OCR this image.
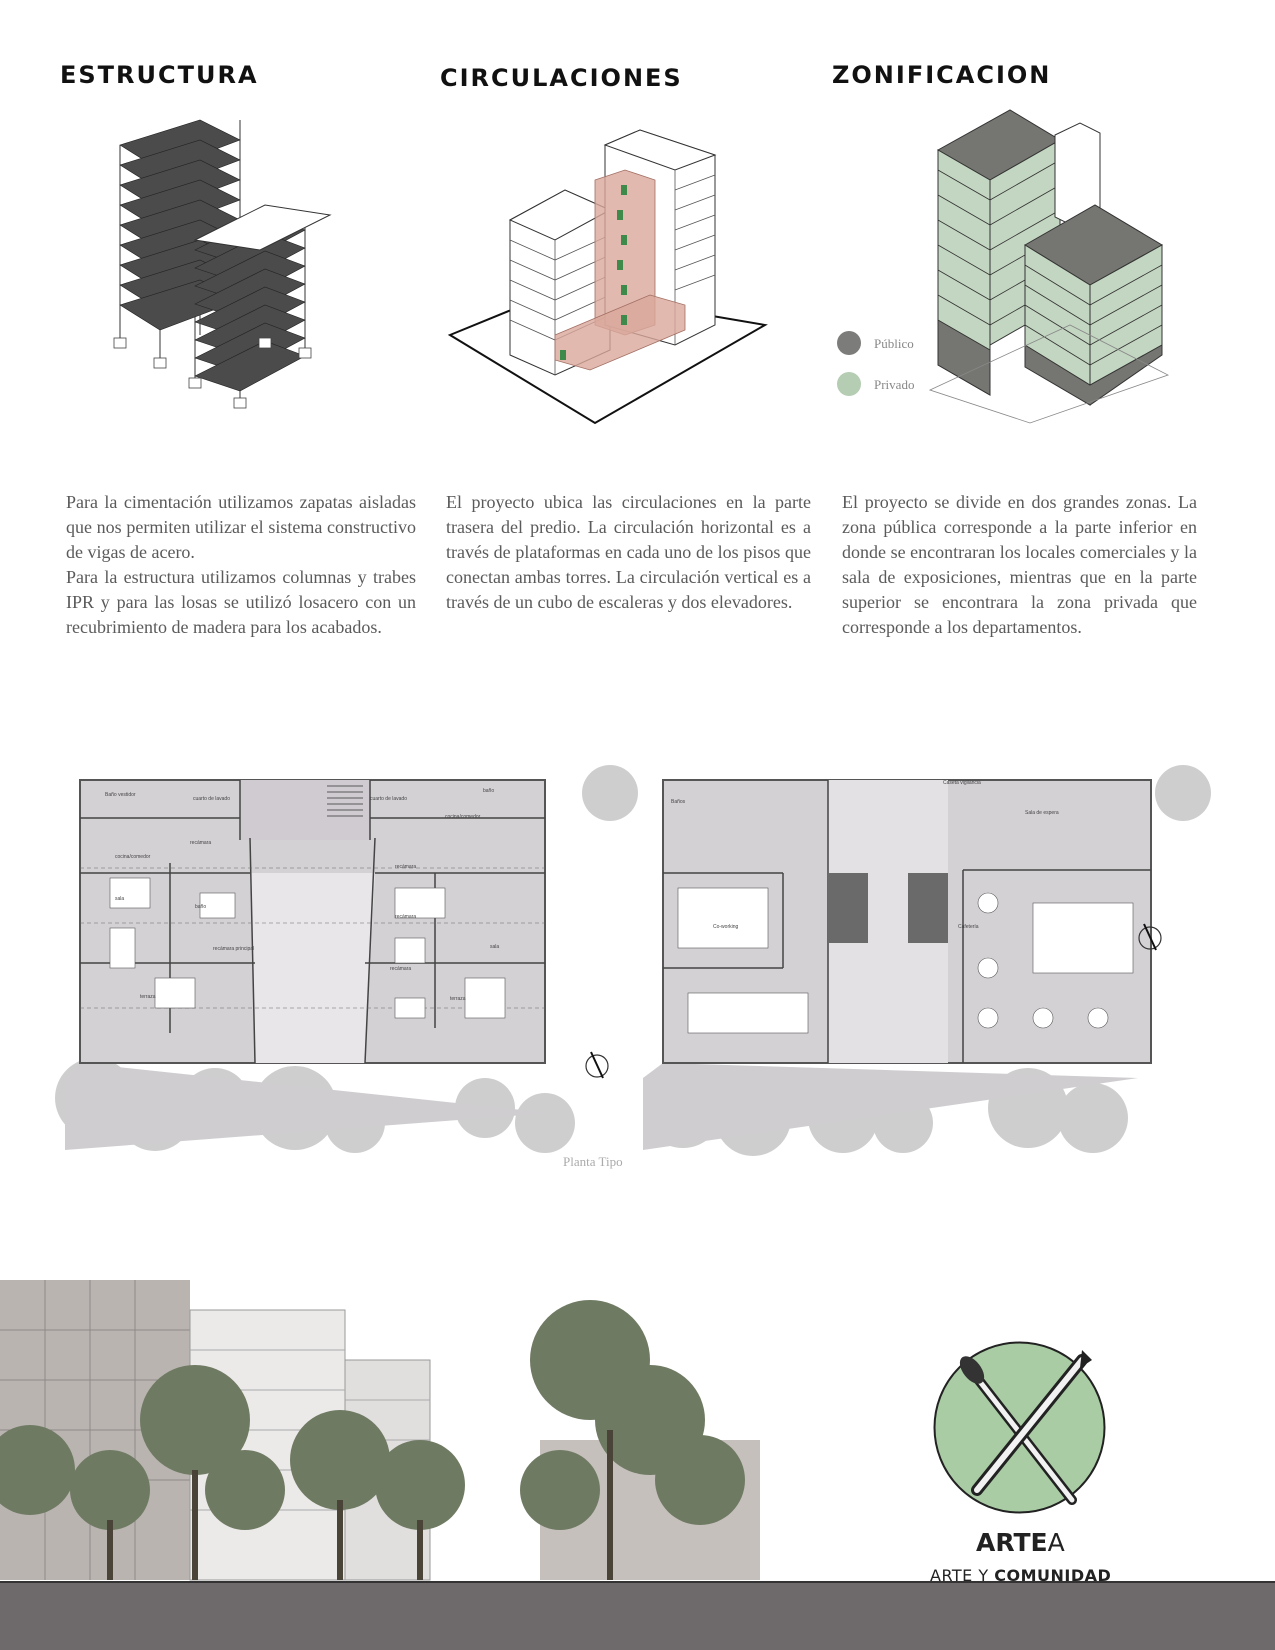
ESTRUCTURA	CIRCULACIONES	ZONIFICACION
Público
Privado
Para la cimentación utilizamos zapatas aisladas que nos permiten utilizar el sistema constructivo de vigas de acero.
Para la estructura utilizamos columnas y trabes IPR y para las losas se utilizó losacero con un recubrimiento de madera para los acabados.
El proyecto ubica las circulaciones en la parte trasera del predio. La circulación horizontal es a través de plataformas en cada uno de los pisos que conectan ambas torres. La circulación vertical es a través de un cubo de escaleras y dos elevadores.
El proyecto se divide en dos grandes zonas. La zona pública corresponde a la parte inferior en donde se encontraran los locales comerciales y la sala de exposiciones, mientras que en la parte superior se encontrara la zona privada que corresponde a los departamentos.
Baño vestidor
cuarto de lavado	cuarto de lavado
baño
cocina/comedor
recámara
cocina/comedor
recámara
sala
baño
recámara
recámara principal	sala
recámara
terraza	terraza
Planta Tipo
Baños
Caseta vigilancia
Sala de espera
Co-working	Cafetería
ARTEA
ARTE Y COMUNIDAD
